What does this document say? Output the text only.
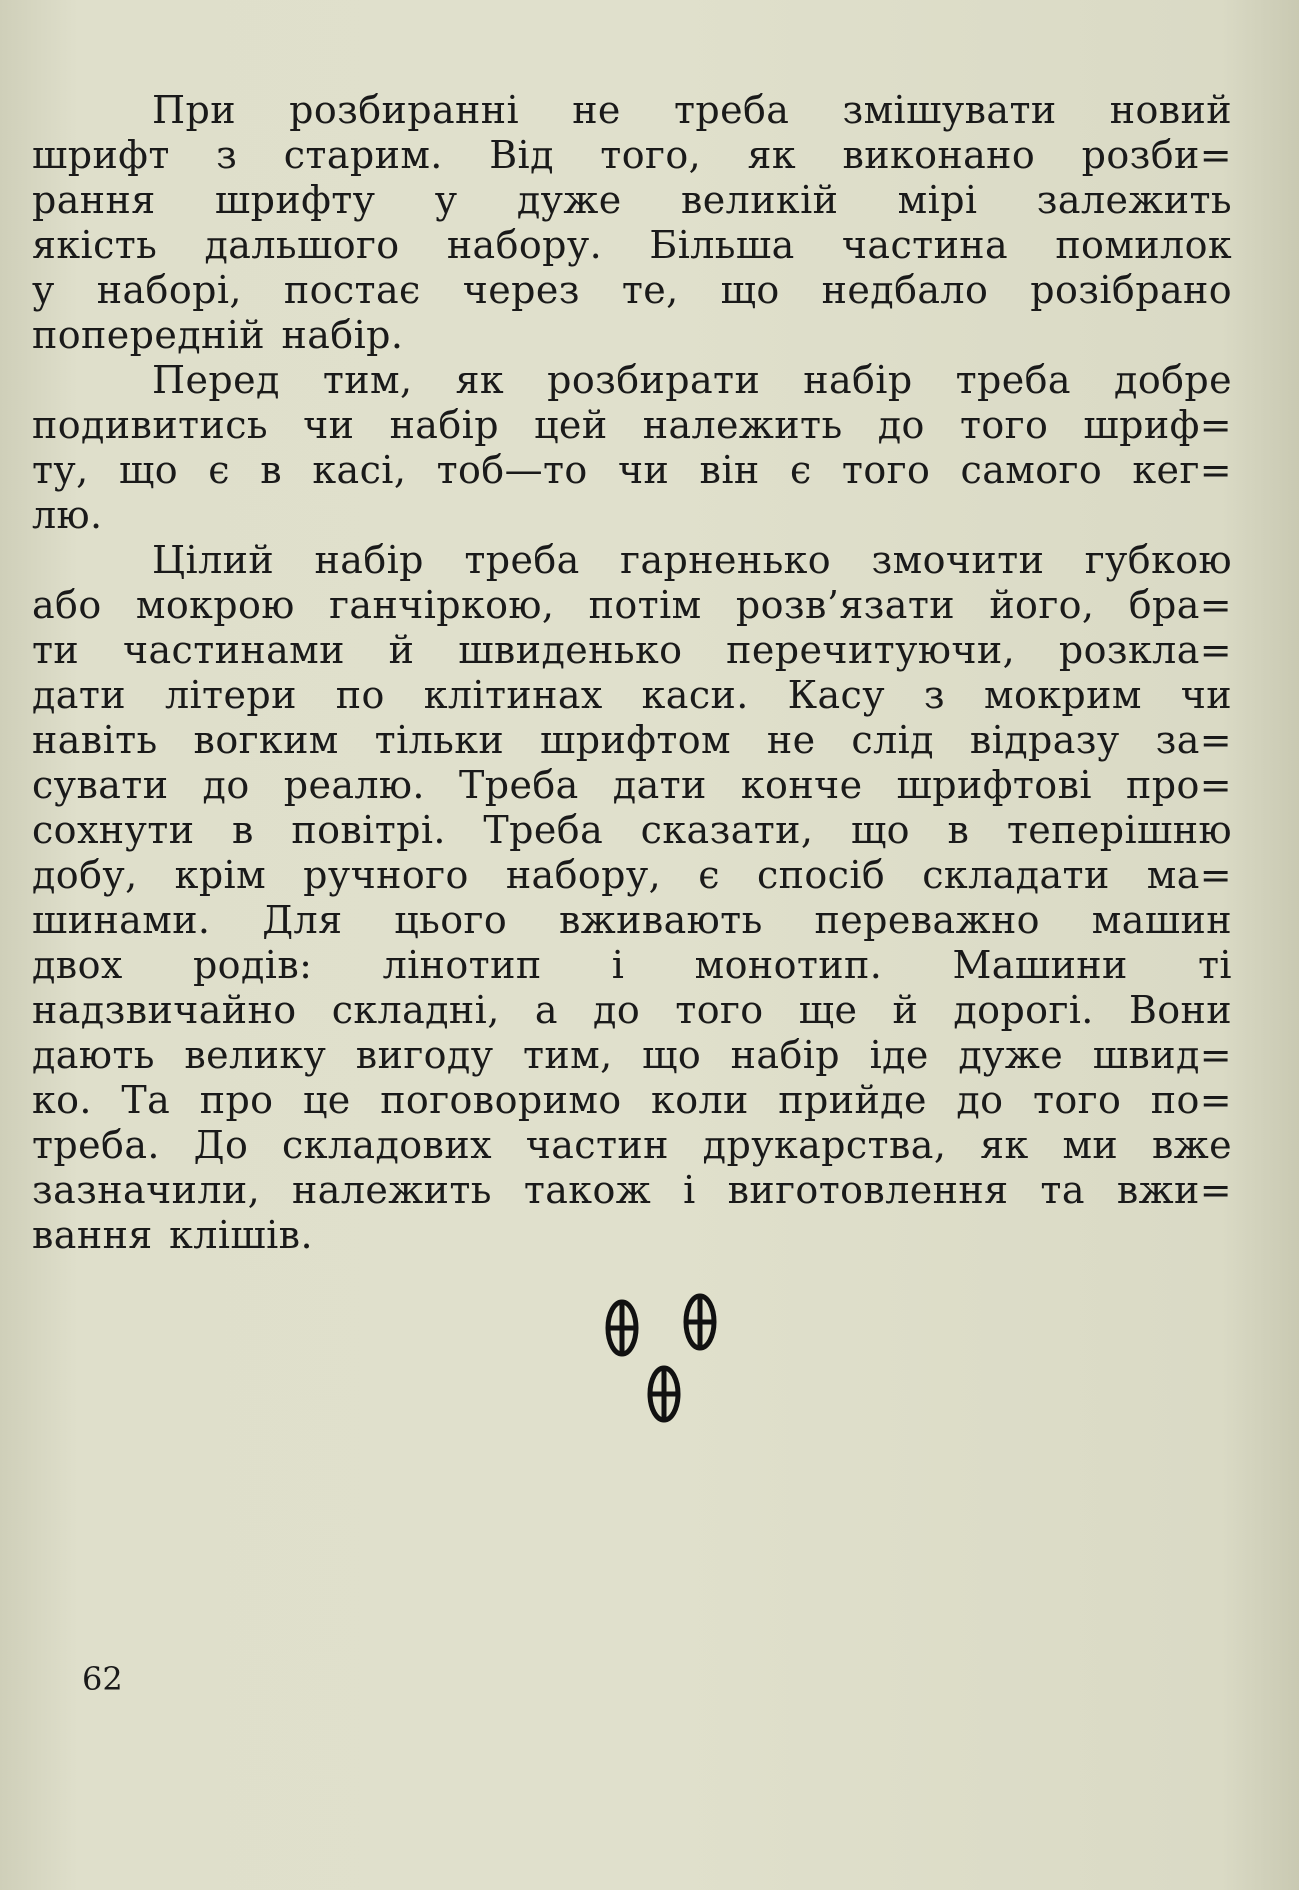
При розбиранні не треба змішувати новий
шрифт з старим. Від того, як виконано розби=
рання шрифту у дуже великій мірі залежить
якість дальшого набору. Більша частина помилок
у наборі, постає через те, що недбало розібрано
попередній набір.

Перед тим, як розбирати набір треба добре
подивитись чи набір цей належить до того шриф=
ту, що є в касі, тоб—то чи він є того самого кег=
лю.

Цілий набір треба гарненько змочити губкою
або мокрою ганчіркою, потім розв’язати його, бра=
ти частинами й швиденько перечитуючи, розкла=
дати літери по клітинах каси. Касу з мокрим чи
навіть вогким тільки шрифтом не слід відразу за=
сувати до реалю. Треба дати конче шрифтові про=
сохнути в повітрі. Треба сказати, що в теперішню
добу, крім ручного набору, є спосіб складати ма=
шинами. Для цього вживають переважно машин
двох родів: лінотип і монотип. Машини ті
надзвичайно складні, а до того ще й дорогі. Вони
дають велику вигоду тим, що набір іде дуже швид=
ко. Та про це поговоримо коли прийде до того по=
треба. До складових частин друкарства, як ми вже
зазначили, належить також і виготовлення та вжи=
вання клішів.

62
